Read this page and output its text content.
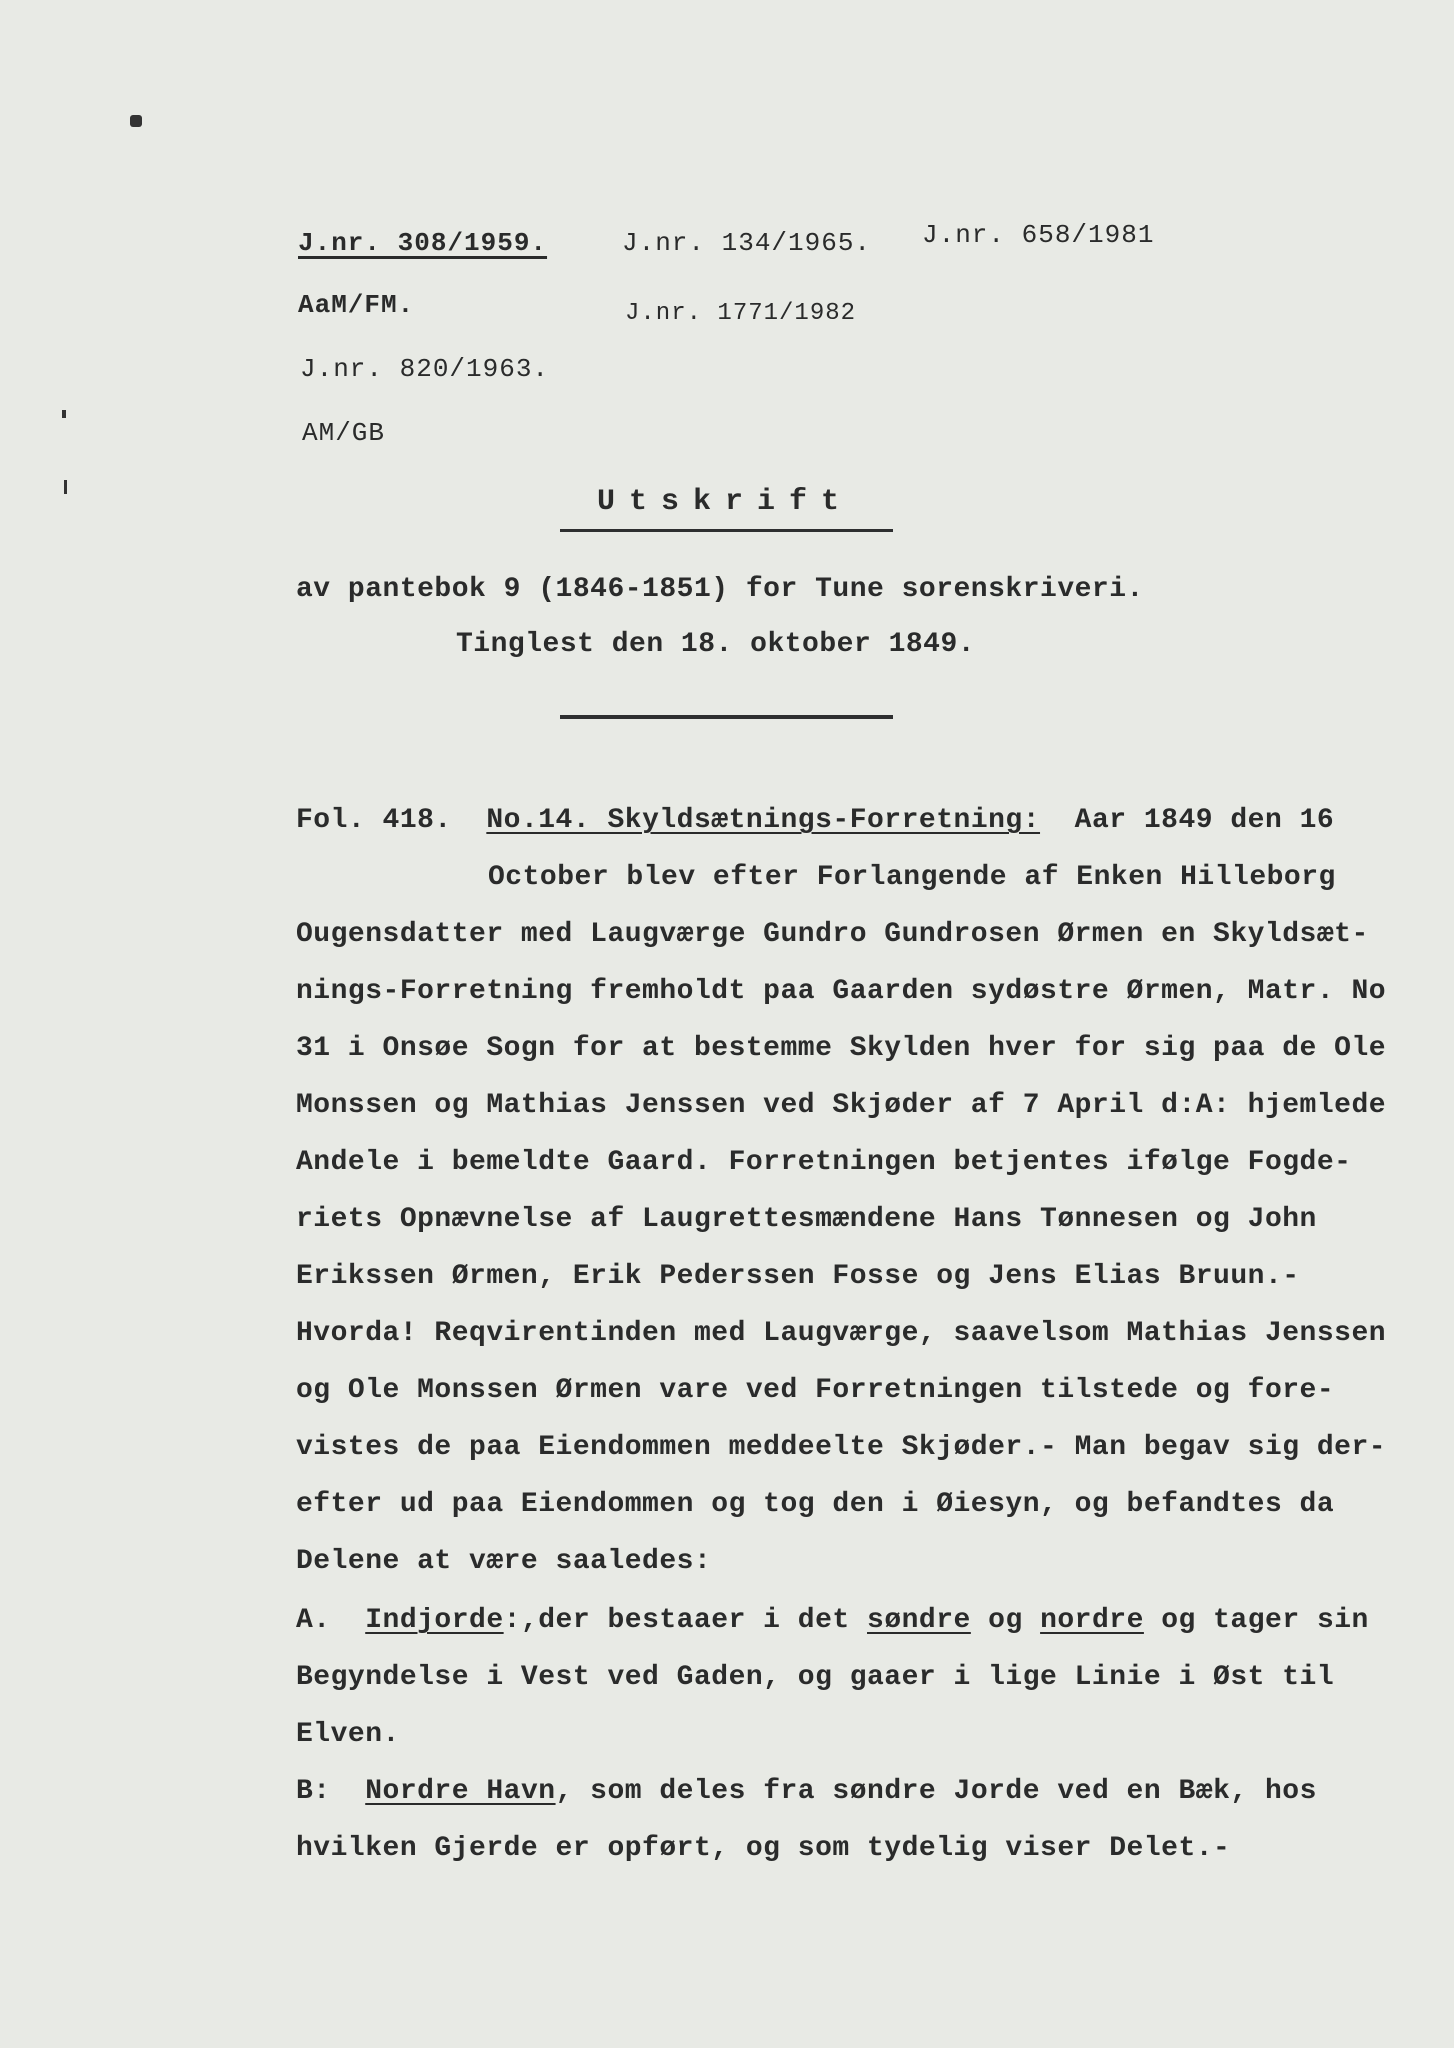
J.nr. 308/1959.	J.nr. 134/1965. J.nr. 658/1981
AaM/FM.	J.nr. 1771/1982
J.nr. 820/1963.
AM/GB
Utskrift
av pantebok 9 (1846-1851) for Tune sorenskriveri.
Tinglest den 18. oktober 1849.
Fol. 418. No.14. Skyldsætnings-Forretning: Aar 1849 den 16
October blev efter Forlangende af Enken Hilleborg
Ougensdatter med Laugværge Gundro Gundrosen Ørmen en Skyldsæt-
nings-Forretning fremholdt paa Gaarden sydøstre Ørmen, Matr. No
31 i Onsøe Sogn for at bestemme Skylden hver for sig paa de Ole
Monssen og Mathias Jenssen ved Skjøder af 7 April d:A: hjemlede
Andele i bemeldte Gaard. Forretningen betjentes ifølge Fogde-
riets Opnævnelse af Laugrettesmændene Hans Tønnesen og John
Erikssen Ørmen, Erik Pederssen Fosse og Jens Elias Bruun.-
Hvorda! Reqvirentinden med Laugværge, saavelsom Mathias Jenssen
og Ole Monssen Ørmen vare ved Forretningen tilstede og fore-
vistes de paa Eiendommen meddeelte Skjøder.- Man begav sig der-
efter ud paa Eiendommen og tog den i Øiesyn, og befandtes da
Delene at være saaledes:
A. Indjorde:,der bestaaer i det søndre og nordre og tager sin
Begyndelse i Vest ved Gaden, og gaaer i lige Linie i Øst til
Elven.
B: Nordre Havn, som deles fra søndre Jorde ved en Bæk, hos
hvilken Gjerde er opført, og som tydelig viser Delet.-
